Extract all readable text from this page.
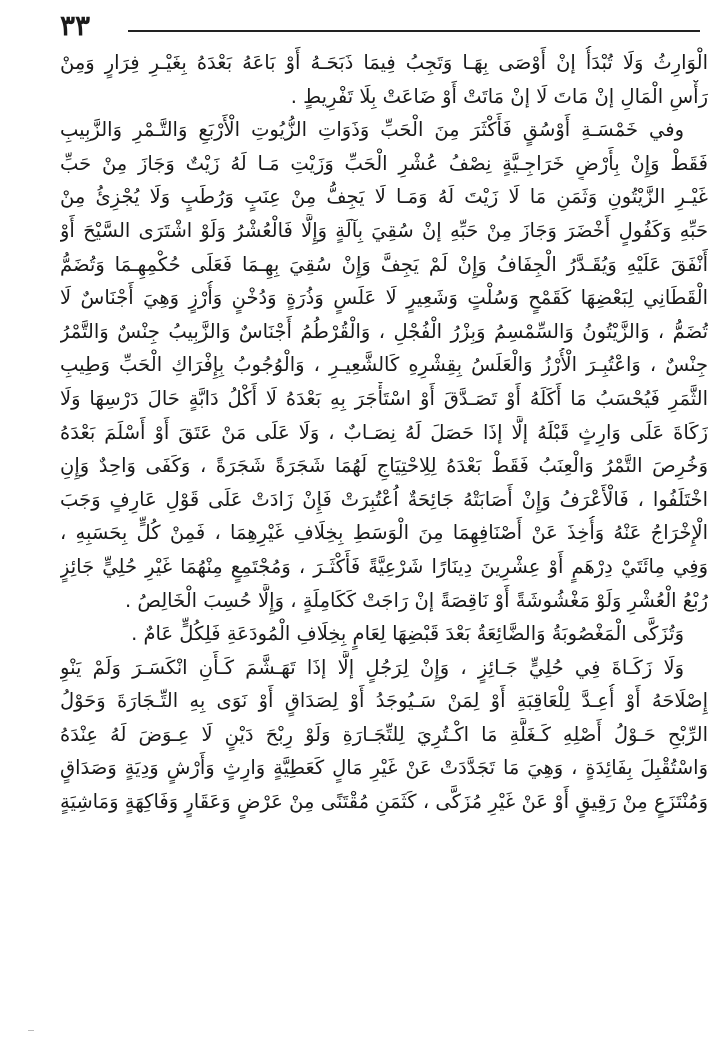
٣٣
الْوَارِثُ وَلَا تُبْدَأُ إنْ أَوْصَى بِهَـا وَتَجِبُ فِيمَا ذَبَحَـهُ أَوْ بَاعَهُ بَعْدَهُ بِغَيْـرِ فِرَارٍ وَمِنْ
رَأْسِ الْمَالِ إنْ مَاتَ لَا إنْ مَاتَتْ أَوْ ضَاعَتْ بِلَا تَفْرِيطٍ .
وفي خَمْسَـةِ أَوْسُقٍ فَأَكْثَرَ مِنَ الْحَبِّ وَذَوَاتِ الزُّيُوتِ الْأَرْبَعِ وَالتَّـمْرِ وَالزَّبِيبِ
فَقَطْ وَإِنْ بِأَرْضٍ خَرَاجِـيَّةٍ نِصْفُ عُشْرِ الْحَبِّ وَزَيْتِ مَـا لَهُ زَيْتٌ وَجَازَ مِنْ حَبِّ
غَيْـرِ الزَّيْتُونِ وَثَمَنِ مَا لَا زَيْتَ لَهُ وَمَـا لَا يَجِفُّ مِنْ عِنَبٍ وَرُطَبٍ وَلَا يُجْزِئُ مِنْ
حَبِّهِ وَكَفُولٍ أَخْضَرَ وَجَازَ مِنْ حَبِّهِ إنْ سُقِيَ بِآلَةٍ وَإِلَّا فَالْعُشْرُ وَلَوْ اشْتَرَى السَّيْحَ أَوْ
أَنْفَقَ عَلَيْهِ وَيُقَـدَّرُ الْجِفَافُ وَإِنْ لَمْ يَجِفَّ وَإِنْ سُقِيَ بِهِـمَا فَعَلَى حُكْمِهِـمَا وَتُضَمُّ
الْقَطَانِي لِبَعْضِهَا كَقَمْحٍ وَسُلْتٍ وَشَعِيرٍ لَا عَلَسٍ وَذُرَةٍ وَدُخْنٍ وَأُرْزٍ وَهِيَ أَجْنَاسٌ لَا
تُضَمُّ ، وَالزَّيْتُونُ وَالسِّمْسِمُ وَبِزْرُ الْفُجْلِ ، وَالْقُرْطُمُ أَجْنَاسٌ وَالزَّبِيبُ جِنْسٌ وَالتَّمْرُ
جِنْسٌ ، وَاعْتُبِـرَ الْأُرْزُ وَالْعَلَسُ بِقِشْرِهِ كَالشَّعِيـرِ ، وَالْوُجُوبُ بِإِفْرَاكِ الْحَبِّ وَطِيبِ
الثَّمَرِ فَيُحْسَبُ مَا أَكَلَهُ أَوْ تَصَـدَّقَ أَوْ اسْتَأْجَرَ بِهِ بَعْدَهُ لَا أَكْلُ دَابَّةٍ حَالَ دَرْسِهَا وَلَا
زَكَاةَ عَلَى وَارِثٍ قَبْلَهُ إلَّا إذَا حَصَلَ لَهُ نِصَـابٌ ، وَلَا عَلَى مَنْ عَتَقَ أَوْ أَسْلَمَ بَعْدَهُ
وَخُرِصَ التَّمْرُ وَالْعِنَبُ فَقَطْ بَعْدَهُ لِلِاحْتِيَاجِ لَهُمَا شَجَرَةً شَجَرَةً ، وَكَفَى وَاحِدٌ وَإِنِ
اخْتَلَفُوا ، فَالْأَعْرَفُ وَإِنْ أَصَابَتْهُ جَائِحَةٌ اُعْتُبِرَتْ فَإِنْ زَادَتْ عَلَى قَوْلِ عَارِفٍ وَجَبَ
الْإِخْرَاجُ عَنْهُ وَأُخِذَ عَنْ أَصْنَافِهِمَا مِنَ الْوَسَطِ بِخِلَافِ غَيْرِهِمَا ، فَمِنْ كُلٍّ بِحَسَبِهِ ،
وَفِي مِائَتَيْ دِرْهَمٍ أَوْ عِشْرِينَ دِينَارًا شَرْعِيَّةً فَأَكْثَـرَ ، وَمُجْتَمِعٍ مِنْهُمَا غَيْرِ حُلِيٍّ جَائِزٍ
رُبْعُ الْعُشْرِ وَلَوْ مَغْشُوشَةً أَوْ نَاقِصَةً إنْ رَاجَتْ كَكَامِلَةٍ ، وَإِلَّا حُسِبَ الْخَالِصُ .
وَتُزَكَّى الْمَغْصُوبَةُ وَالضَّائِعَةُ بَعْدَ قَبْضِهَا لِعَامٍ بِخِلَافِ الْمُودَعَةِ فَلِكُلٍّ عَامٌ .
وَلَا زَكَـاةَ فِي حُلِيٍّ جَـائِزٍ ، وَإِنْ لِرَجُلٍ إلَّا إذَا تَهَـشَّمَ كَـأَنِ انْكَسَـرَ وَلَمْ يَنْوِ
إِصْلَاحَهُ أَوْ أُعِـدَّ لِلْعَاقِبَةِ أَوْ لِمَنْ سَـيُوجَدُ أَوْ لِصَدَاقٍ أَوْ نَوَى بِهِ التِّـجَارَةَ وَحَوْلُ
الرِّبْحِ حَـوْلُ أَصْلِهِ كَـغَلَّةِ مَا اكْـتُرِيَ لِلتِّجَـارَةِ وَلَوْ رِبْحَ دَيْنٍ لَا عِـوَضَ لَهُ عِنْدَهُ
وَاسْتُقْبِلَ بِفَائِدَةٍ ، وَهِيَ مَا تَجَدَّدَتْ عَنْ غَيْرِ مَالٍ كَعَطِيَّةٍ وَارِثٍ وَأَرْشٍ وَدِيَةٍ وَصَدَاقٍ
وَمُنْتَزَعٍ مِنْ رَقِيقٍ أَوْ عَنْ غَيْرِ مُزَكًّى ، كَثَمَنِ مُقْتَنًى مِنْ عَرْضٍ وَعَقَارٍ وَفَاكِهَةٍ وَمَاشِيَةٍ
